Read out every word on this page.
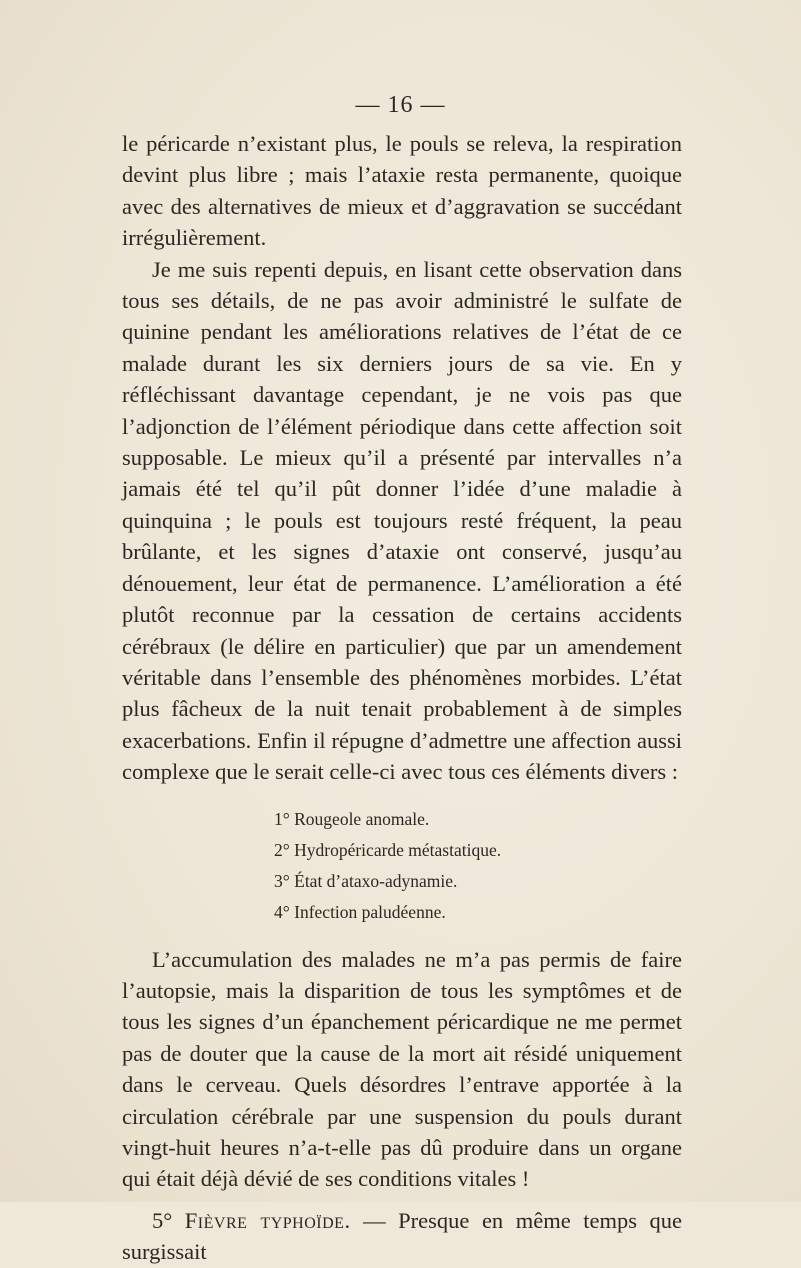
— 16 —

le péricarde n’existant plus, le pouls se releva, la respiration devint plus libre ; mais l’ataxie resta permanente, quoique avec des alternatives de mieux et d’aggravation se succédant irrégulièrement.

Je me suis repenti depuis, en lisant cette observation dans tous ses détails, de ne pas avoir administré le sulfate de quinine pendant les améliorations relatives de l’état de ce malade durant les six derniers jours de sa vie. En y réfléchissant davantage cependant, je ne vois pas que l’adjonction de l’élément périodique dans cette affection soit supposable. Le mieux qu’il a présenté par intervalles n’a jamais été tel qu’il pût donner l’idée d’une maladie à quinquina ; le pouls est toujours resté fréquent, la peau brûlante, et les signes d’ataxie ont conservé, jusqu’au dénouement, leur état de permanence. L’amélioration a été plutôt reconnue par la cessation de certains accidents cérébraux (le délire en particulier) que par un amendement véritable dans l’ensemble des phénomènes morbides. L’état plus fâcheux de la nuit tenait probablement à de simples exacerbations. Enfin il répugne d’admettre une affection aussi complexe que le serait celle-ci avec tous ces éléments divers :

1° Rougeole anomale.
2° Hydropéricarde métastatique.
3° État d’ataxo-adynamie.
4° Infection paludéenne.

L’accumulation des malades ne m’a pas permis de faire l’autopsie, mais la disparition de tous les symptômes et de tous les signes d’un épanchement péricardique ne me permet pas de douter que la cause de la mort ait résidé uniquement dans le cerveau. Quels désordres l’entrave apportée à la circulation cérébrale par une suspension du pouls durant vingt-huit heures n’a-t-elle pas dû produire dans un organe qui était déjà dévié de ses conditions vitales !

5° Fièvre typhoïde. — Presque en même temps que surgissait
